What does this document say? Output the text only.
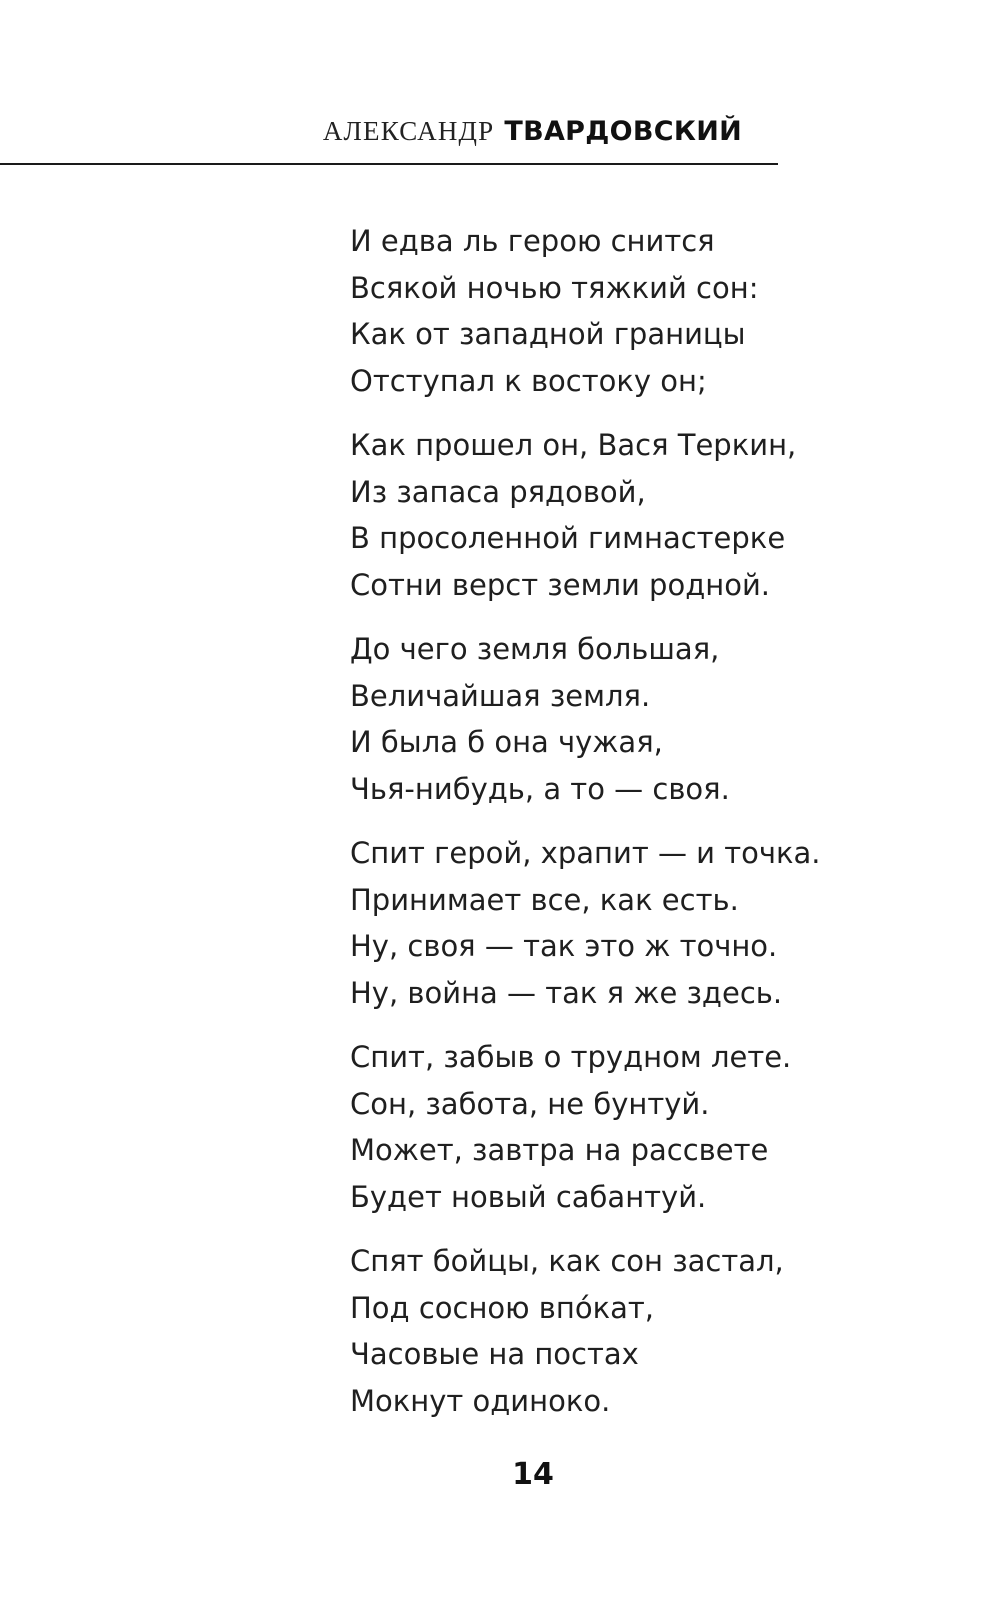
АЛЕКСАНДР ТВАРДОВСКИЙ
И едва ль герою снится
Всякой ночью тяжкий сон:
Как от западной границы
Отступал к востоку он;
Как прошел он, Вася Теркин,
Из запаса рядовой,
В просоленной гимнастерке
Сотни верст земли родной.
До чего земля большая,
Величайшая земля.
И была б она чужая,
Чья-нибудь, а то — своя.
Спит герой, храпит — и точка.
Принимает все, как есть.
Ну, своя — так это ж точно.
Ну, война — так я же здесь.
Спит, забыв о трудном лете.
Сон, забота, не бунтуй.
Может, завтра на рассвете
Будет новый сабантуй.
Спят бойцы, как сон застал,
Под сосною впóкат,
Часовые на постах
Мокнут одиноко.
14
